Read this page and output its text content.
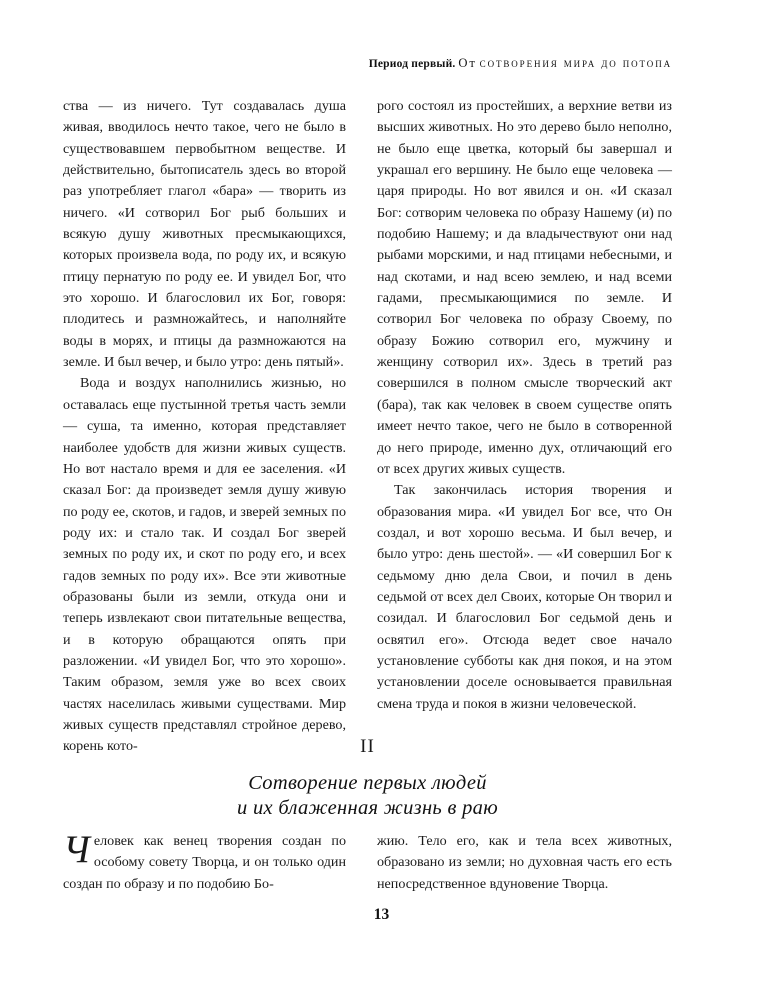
Период первый. От сотворения мира до потопа

ства — из ничего. Тут создавалась душа живая, вводилось нечто такое, чего не было в существовавшем первобытном веществе. И действительно, бытописатель здесь во второй раз употребляет глагол «бара» — творить из ничего. «И сотворил Бог рыб больших и всякую душу животных пресмыкающихся, которых произвела вода, по роду их, и всякую птицу пернатую по роду ее. И увидел Бог, что это хорошо. И благословил их Бог, говоря: плодитесь и размножайтесь, и наполняйте воды в морях, и птицы да размножаются на земле. И был вечер, и было утро: день пятый».

Вода и воздух наполнились жизнью, но оставалась еще пустынной третья часть земли — суша, та именно, которая представляет наиболее удобств для жизни живых существ. Но вот настало время и для ее заселения. «И сказал Бог: да произведет земля душу живую по роду ее, скотов, и гадов, и зверей земных по роду их: и стало так. И создал Бог зверей земных по роду их, и скот по роду его, и всех гадов земных по роду их». Все эти животные образованы были из земли, откуда они и теперь извлекают свои питательные вещества, и в которую обращаются опять при разложении. «И увидел Бог, что это хорошо». Таким образом, земля уже во всех своих частях населилась живыми существами. Мир живых существ представлял стройное дерево, корень кото-

рого состоял из простейших, а верхние ветви из высших животных. Но это дерево было неполно, не было еще цветка, который бы завершал и украшал его вершину. Не было еще человека — царя природы. Но вот явился и он. «И сказал Бог: сотворим человека по образу Нашему (и) по подобию Нашему; и да владычествуют они над рыбами морскими, и над птицами небесными, и над скотами, и над всею землею, и над всеми гадами, пресмыкающимися по земле. И сотворил Бог человека по образу Своему, по образу Божию сотворил его, мужчину и женщину сотворил их». Здесь в третий раз совершился в полном смысле творческий акт (бара), так как человек в своем существе опять имеет нечто такое, чего не было в сотворенной до него природе, именно дух, отличающий его от всех других живых существ.

Так закончилась история творения и образования мира. «И увидел Бог все, что Он создал, и вот хорошо весьма. И был вечер, и было утро: день шестой». — «И совершил Бог к седьмому дню дела Свои, и почил в день седьмой от всех дел Своих, которые Он творил и созидал. И благословил Бог седьмой день и освятил его». Отсюда ведет свое начало установление субботы как дня покоя, и на этом установлении доселе основывается правильная смена труда и покоя в жизни человеческой.

II
Сотворение первых людей
и их блаженная жизнь в раю

Человек как венец творения создан по особому совету Творца, и он только один создан по образу и по подобию Бо-

жию. Тело его, как и тела всех животных, образовано из земли; но духовная часть его есть непосредственное вдуновение Творца.

13
